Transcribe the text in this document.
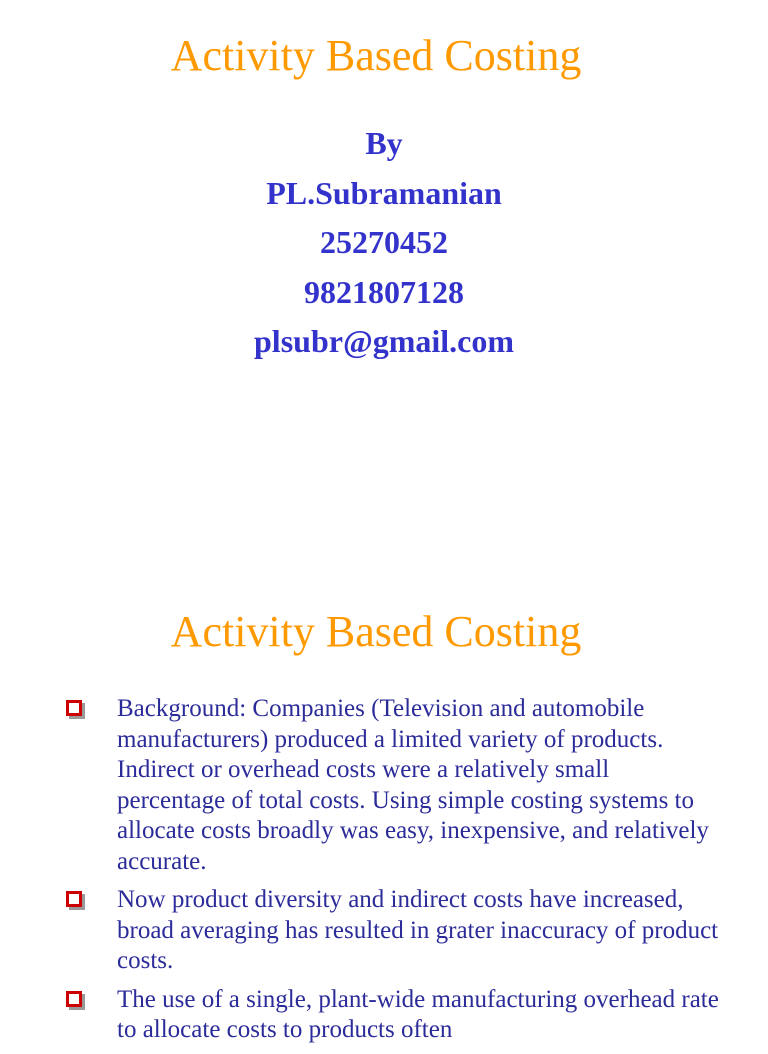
Activity Based Costing
By
PL.Subramanian
25270452
9821807128
plsubr@gmail.com
Activity Based Costing
Background: Companies (Television and automobile manufacturers) produced a limited variety of products. Indirect or overhead costs were a relatively small percentage of total costs. Using simple costing systems to allocate costs broadly was easy, inexpensive, and relatively accurate.
Now product diversity and indirect costs have increased, broad averaging has resulted in grater inaccuracy of product costs.
The use of a single, plant-wide manufacturing overhead rate to allocate costs to products often
